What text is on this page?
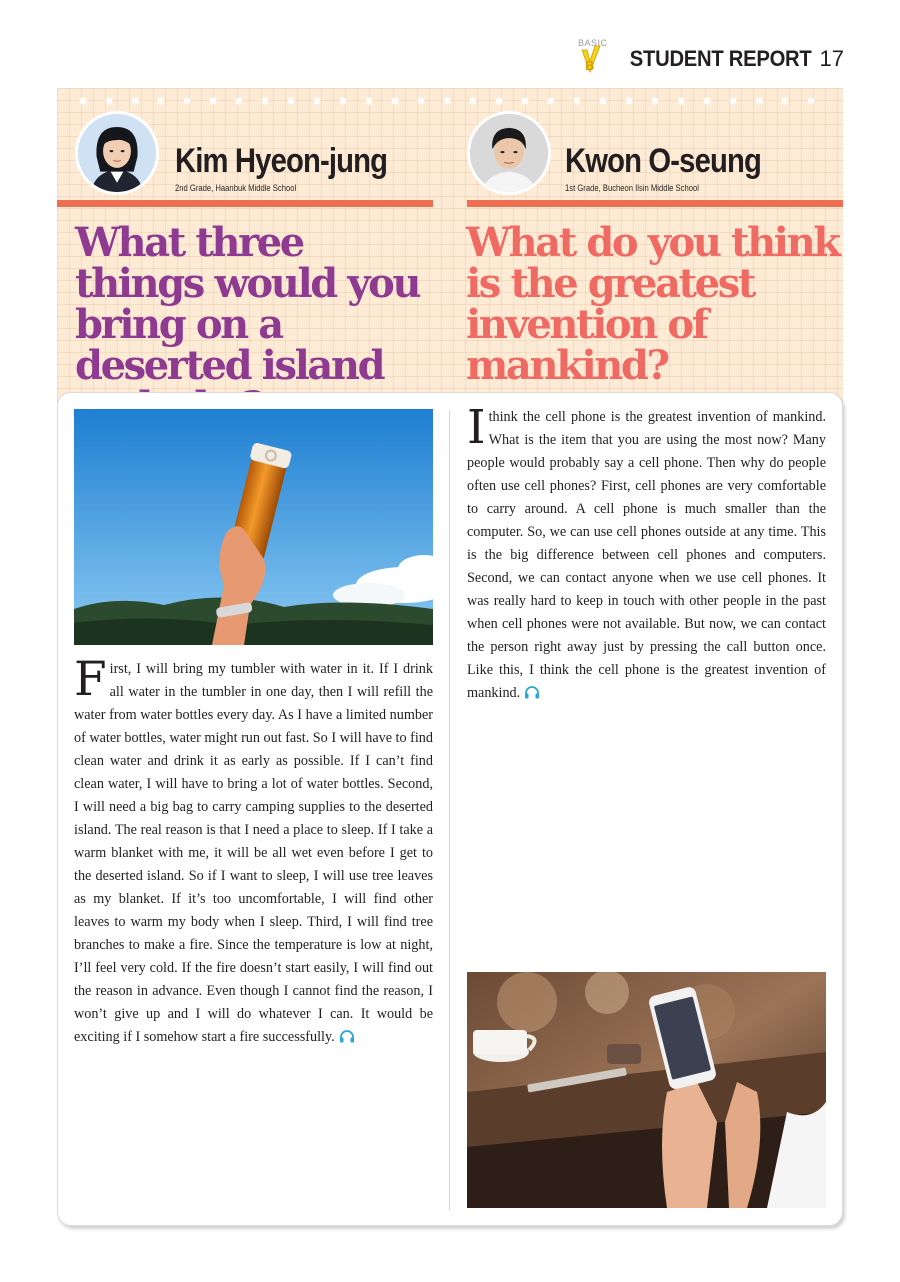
BASIC
B STUDENT REPORT 17
Kim Hyeon-jung
2nd Grade, Haanbuk Middle School
Kwon O-seung
1st Grade, Bucheon Ilsin Middle School
What three things would you bring on a deserted island
What do you think is the greatest invention of mankind?

First, I will bring my tumbler with water in it. If I drink all water in the tumbler in one day, then I will refill the water from water bottles every day. As I have a limited number of water bottles, water might run out fast. So I will have to find clean water and drink it as early as possible. If I can’t find clean water, I will have to bring a lot of water bottles. Second, I will need a big bag to carry camping supplies to the deserted island. The real reason is that I need a place to sleep. If I take a warm blanket with me, it will be all wet even before I get to the deserted island. So if I want to sleep, I will use tree leaves as my blanket. If it’s too uncomfortable, I will find other leaves to warm my body when I sleep. Third, I will find tree branches to make a fire. Since the temperature is low at night, I’ll feel very cold. If the fire doesn’t start easily, I will find out the reason in advance. Even though I cannot find the reason, I won’t give up and I will do whatever I can. It would be exciting if I somehow start a fire successfully.

Ithink the cell phone is the greatest invention of mankind. What is the item that you are using the most now? Many people would probably say a cell phone. Then why do people often use cell phones? First, cell phones are very comfortable to carry around. A cell phone is much smaller than the computer. So, we can use cell phones outside at any time. This is the big difference between cell phones and computers. Second, we can contact anyone when we use cell phones. It was really hard to keep in touch with other people in the past when cell phones were not available. But now, we can contact the person right away just by pressing the call button once. Like this, I think the cell phone is the greatest invention of mankind.
